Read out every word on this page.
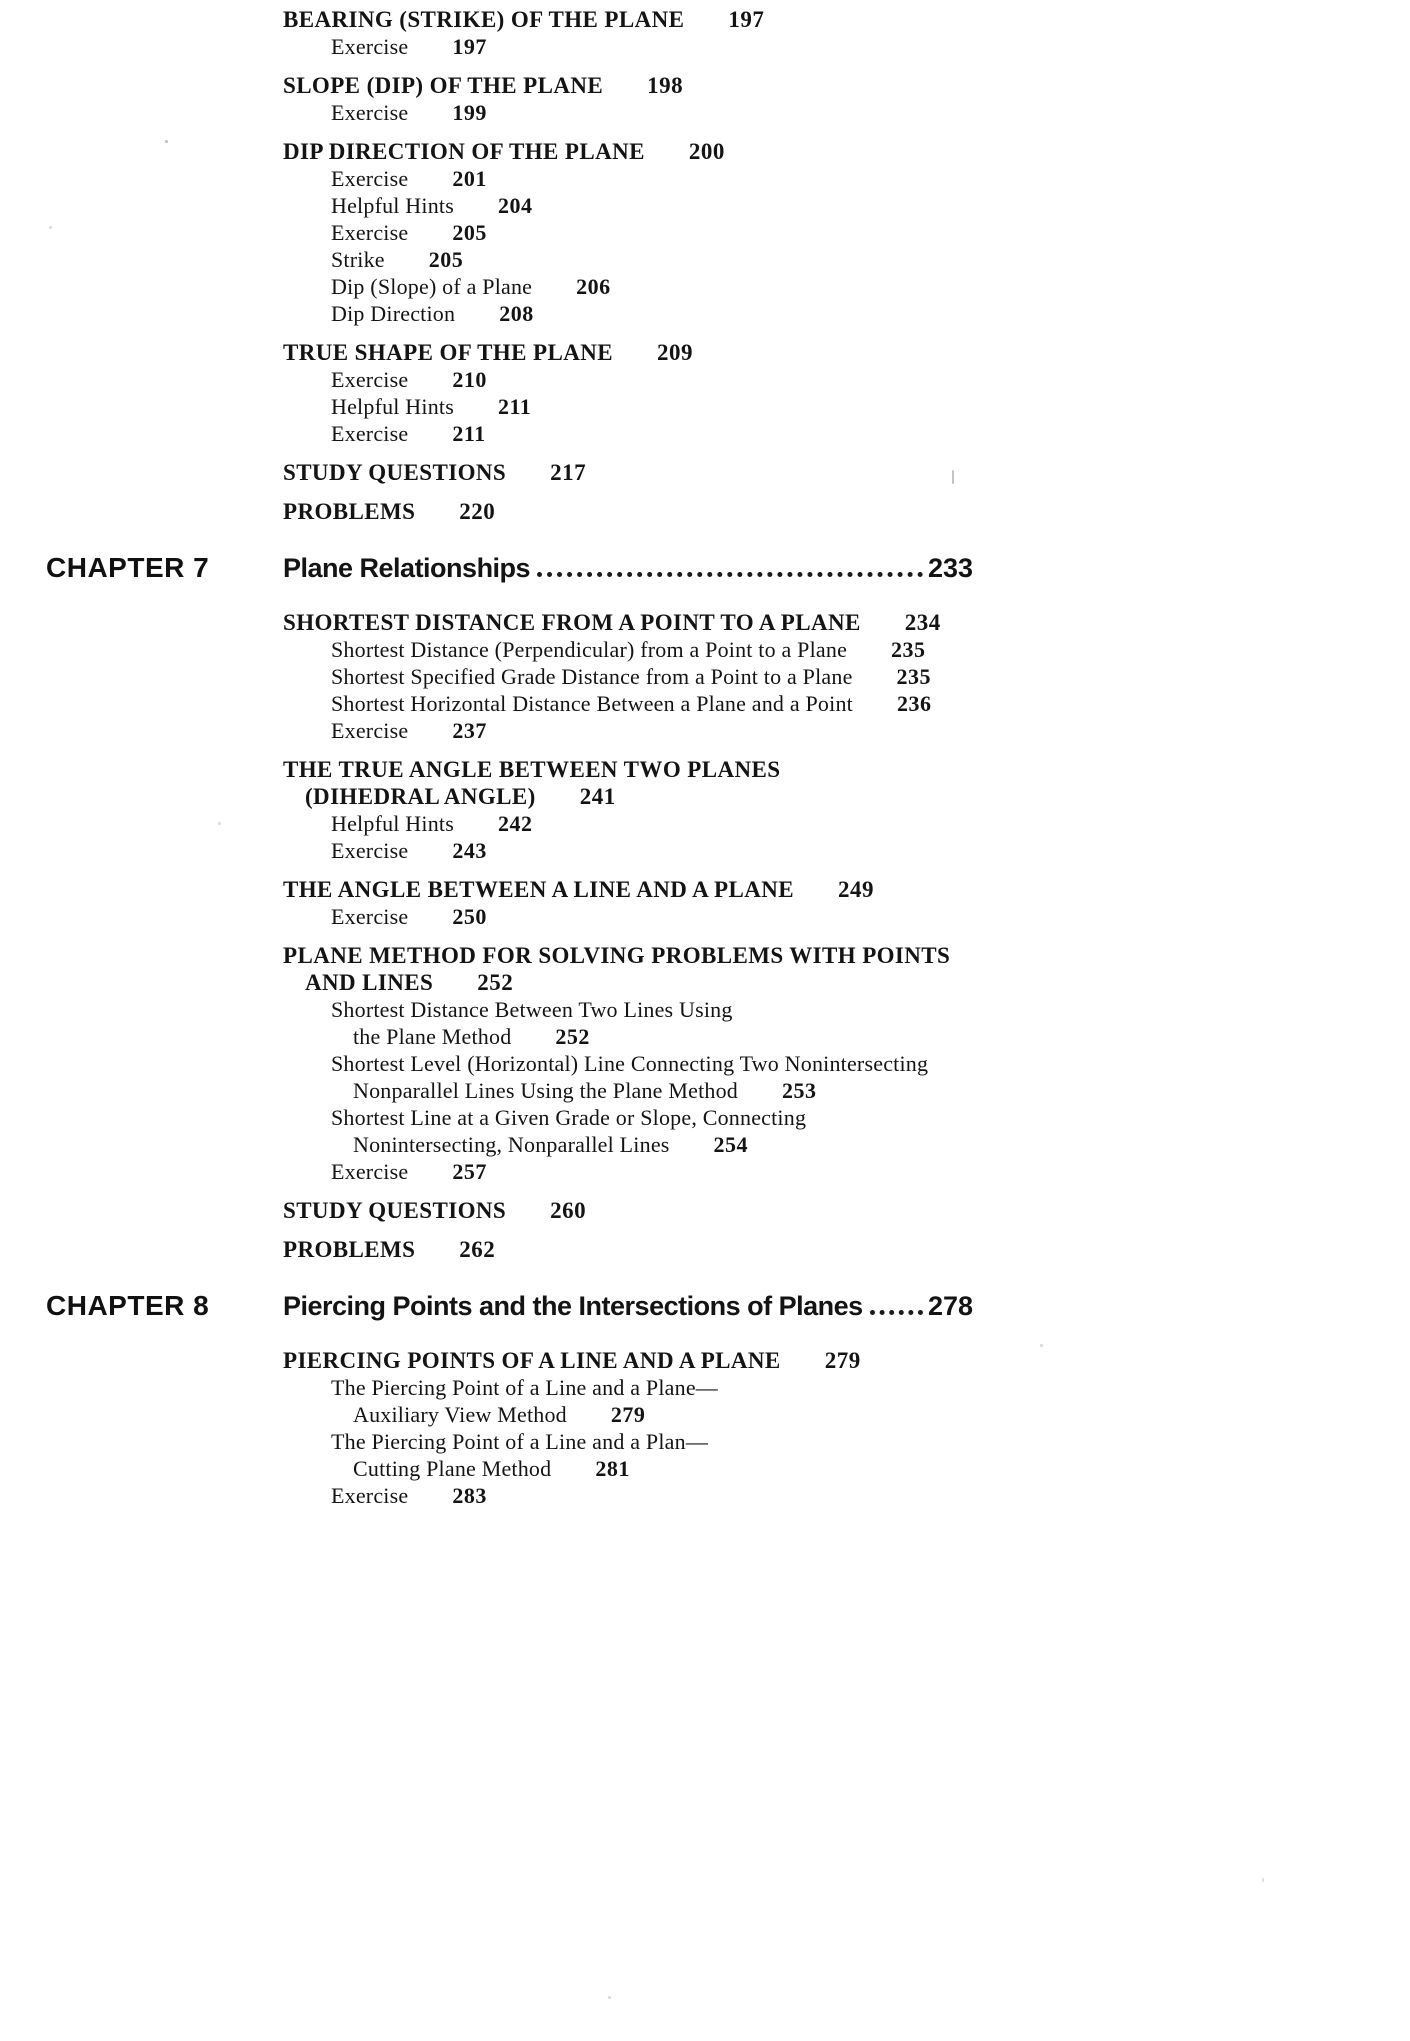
BEARING (STRIKE) OF THE PLANE 197
Exercise 197
SLOPE (DIP) OF THE PLANE 198
Exercise 199
DIP DIRECTION OF THE PLANE 200
Exercise 201
Helpful Hints 204
Exercise 205
Strike 205
Dip (Slope) of a Plane 206
Dip Direction 208
TRUE SHAPE OF THE PLANE 209
Exercise 210
Helpful Hints 211
Exercise 211
STUDY QUESTIONS 217
PROBLEMS 220
CHAPTER 7	Plane Relationships	233
SHORTEST DISTANCE FROM A POINT TO A PLANE 234
Shortest Distance (Perpendicular) from a Point to a Plane 235
Shortest Specified Grade Distance from a Point to a Plane 235
Shortest Horizontal Distance Between a Plane and a Point 236
Exercise 237
THE TRUE ANGLE BETWEEN TWO PLANES
(DIHEDRAL ANGLE) 241
Helpful Hints 242
Exercise 243
THE ANGLE BETWEEN A LINE AND A PLANE 249
Exercise 250
PLANE METHOD FOR SOLVING PROBLEMS WITH POINTS
AND LINES 252
Shortest Distance Between Two Lines Using
the Plane Method 252
Shortest Level (Horizontal) Line Connecting Two Nonintersecting
Nonparallel Lines Using the Plane Method 253
Shortest Line at a Given Grade or Slope, Connecting
Nonintersecting, Nonparallel Lines 254
Exercise 257
STUDY QUESTIONS 260
PROBLEMS 262
CHAPTER 8	Piercing Points and the Intersections of Planes 278
PIERCING POINTS OF A LINE AND A PLANE 279
The Piercing Point of a Line and a Plane—
Auxiliary View Method 279
The Piercing Point of a Line and a Plan—
Cutting Plane Method 281
Exercise 283
